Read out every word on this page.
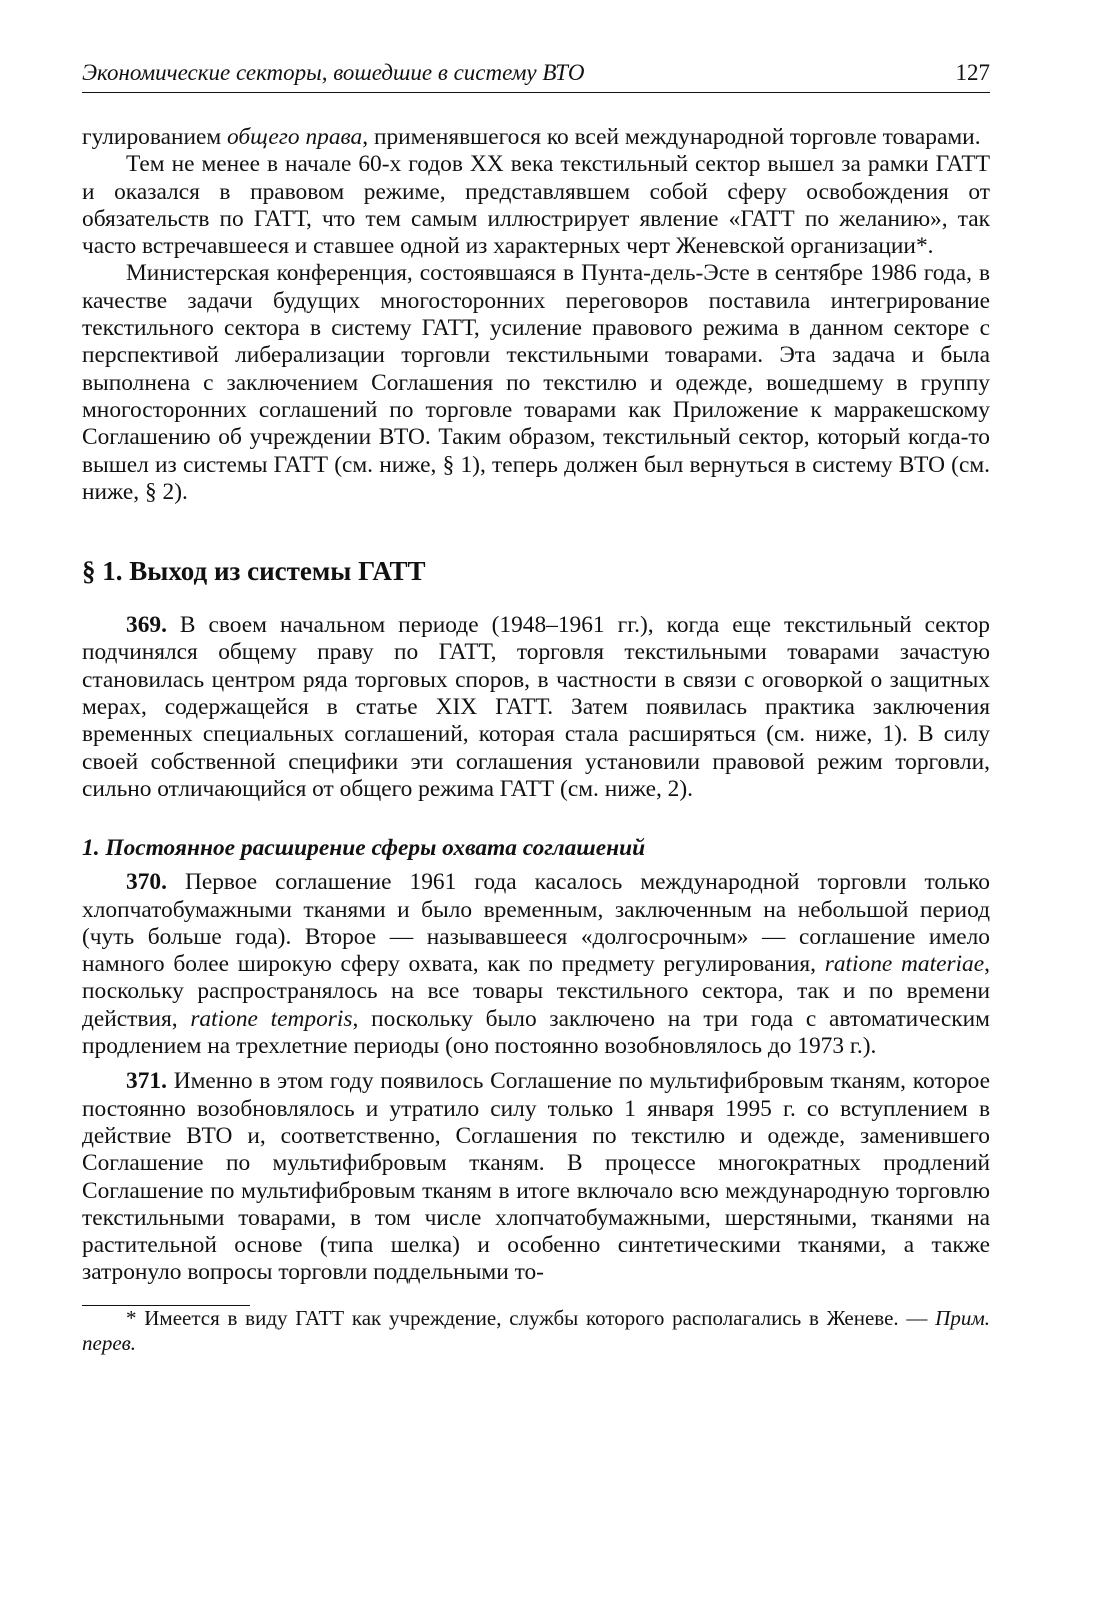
Экономические секторы, вошедшие в систему ВТО	127

гулированием общего права, применявшегося ко всей международной торговле товарами.

Тем не менее в начале 60-х годов XX века текстильный сектор вышел за рамки ГАТТ и оказался в правовом режиме, представлявшем собой сферу освобождения от обязательств по ГАТТ, что тем самым иллюстрирует явление «ГАТТ по желанию», так часто встречавшееся и ставшее одной из характерных черт Женевской организации*.

Министерская конференция, состоявшаяся в Пунта-дель-Эсте в сентябре 1986 года, в качестве задачи будущих многосторонних переговоров поставила интегрирование текстильного сектора в систему ГАТТ, усиление правового режима в данном секторе с перспективой либерализации торговли текстильными товарами. Эта задача и была выполнена с заключением Соглашения по текстилю и одежде, вошедшему в группу многосторонних соглашений по торговле товарами как Приложение к марракешскому Соглашению об учреждении ВТО. Таким образом, текстильный сектор, который когда-то вышел из системы ГАТТ (см. ниже, § 1), теперь должен был вернуться в систему ВТО (см. ниже, § 2).

§ 1. Выход из системы ГАТТ

369. В своем начальном периоде (1948–1961 гг.), когда еще текстильный сектор подчинялся общему праву по ГАТТ, торговля текстильными товарами зачастую становилась центром ряда торговых споров, в частности в связи с оговоркой о защитных мерах, содержащейся в статье XIX ГАТТ. Затем появилась практика заключения временных специальных соглашений, которая стала расширяться (см. ниже, 1). В силу своей собственной специфики эти соглашения установили правовой режим торговли, сильно отличающийся от общего режима ГАТТ (см. ниже, 2).

1. Постоянное расширение сферы охвата соглашений

370. Первое соглашение 1961 года касалось международной торговли только хлопчатобумажными тканями и было временным, заключенным на небольшой период (чуть больше года). Второе — называвшееся «долгосрочным» — соглашение имело намного более широкую сферу охвата, как по предмету регулирования, ratione materiae, поскольку распространялось на все товары текстильного сектора, так и по времени действия, ratione temporis, поскольку было заключено на три года с автоматическим продлением на трехлетние периоды (оно постоянно возобновлялось до 1973 г.).

371. Именно в этом году появилось Соглашение по мультифибровым тканям, которое постоянно возобновлялось и утратило силу только 1 января 1995 г. со вступлением в действие ВТО и, соответственно, Соглашения по текстилю и одежде, заменившего Соглашение по мультифибровым тканям. В процессе многократных продлений Соглашение по мультифибровым тканям в итоге включало всю международную торговлю текстильными товарами, в том числе хлопчатобумажными, шерстяными, тканями на растительной основе (типа шелка) и особенно синтетическими тканями, а также затронуло вопросы торговли поддельными то-

* Имеется в виду ГАТТ как учреждение, службы которого располагались в Женеве. — Прим. перев.
